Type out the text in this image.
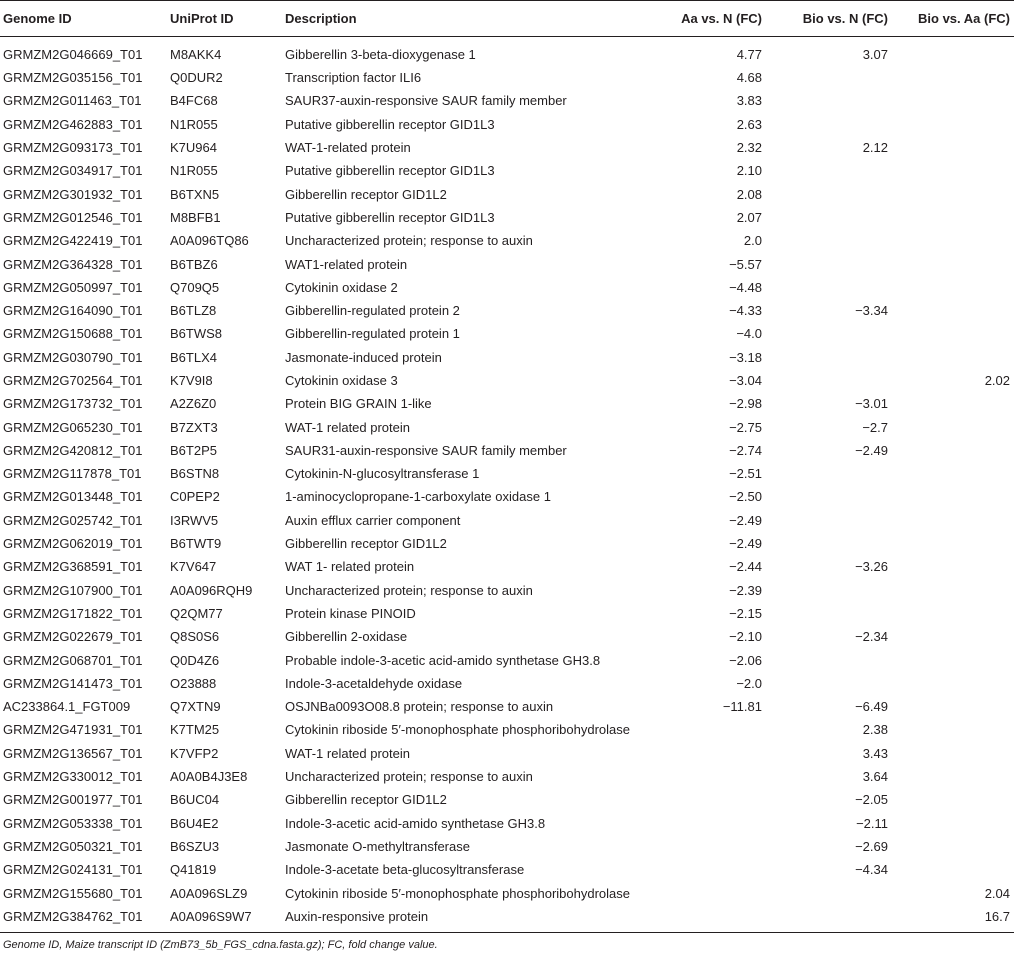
Genome ID	UniProt ID	Description	Aa vs. N (FC)	Bio vs. N (FC)	Bio vs. Aa (FC)
GRMZM2G046669_T01	M8AKK4	Gibberellin 3-beta-dioxygenase 1	4.77	3.07	
GRMZM2G035156_T01	Q0DUR2	Transcription factor ILI6	4.68		
GRMZM2G011463_T01	B4FC68	SAUR37-auxin-responsive SAUR family member	3.83		
GRMZM2G462883_T01	N1R055	Putative gibberellin receptor GID1L3	2.63		
GRMZM2G093173_T01	K7U964	WAT-1-related protein	2.32	2.12	
GRMZM2G034917_T01	N1R055	Putative gibberellin receptor GID1L3	2.10		
GRMZM2G301932_T01	B6TXN5	Gibberellin receptor GID1L2	2.08		
GRMZM2G012546_T01	M8BFB1	Putative gibberellin receptor GID1L3	2.07		
GRMZM2G422419_T01	A0A096TQ86	Uncharacterized protein; response to auxin	2.0		
GRMZM2G364328_T01	B6TBZ6	WAT1-related protein	−5.57		
GRMZM2G050997_T01	Q709Q5	Cytokinin oxidase 2	−4.48		
GRMZM2G164090_T01	B6TLZ8	Gibberellin-regulated protein 2	−4.33	−3.34	
GRMZM2G150688_T01	B6TWS8	Gibberellin-regulated protein 1	−4.0		
GRMZM2G030790_T01	B6TLX4	Jasmonate-induced protein	−3.18		
GRMZM2G702564_T01	K7V9I8	Cytokinin oxidase 3	−3.04		2.02
GRMZM2G173732_T01	A2Z6Z0	Protein BIG GRAIN 1-like	−2.98	−3.01	
GRMZM2G065230_T01	B7ZXT3	WAT-1 related protein	−2.75	−2.7	
GRMZM2G420812_T01	B6T2P5	SAUR31-auxin-responsive SAUR family member	−2.74	−2.49	
GRMZM2G117878_T01	B6STN8	Cytokinin-N-glucosyltransferase 1	−2.51		
GRMZM2G013448_T01	C0PEP2	1-aminocyclopropane-1-carboxylate oxidase 1	−2.50		
GRMZM2G025742_T01	I3RWV5	Auxin efflux carrier component	−2.49		
GRMZM2G062019_T01	B6TWT9	Gibberellin receptor GID1L2	−2.49		
GRMZM2G368591_T01	K7V647	WAT 1- related protein	−2.44	−3.26	
GRMZM2G107900_T01	A0A096RQH9	Uncharacterized protein; response to auxin	−2.39		
GRMZM2G171822_T01	Q2QM77	Protein kinase PINOID	−2.15		
GRMZM2G022679_T01	Q8S0S6	Gibberellin 2-oxidase	−2.10	−2.34	
GRMZM2G068701_T01	Q0D4Z6	Probable indole-3-acetic acid-amido synthetase GH3.8	−2.06		
GRMZM2G141473_T01	O23888	Indole-3-acetaldehyde oxidase	−2.0		
AC233864.1_FGT009	Q7XTN9	OSJNBa0093O08.8 protein; response to auxin	−11.81	−6.49	
GRMZM2G471931_T01	K7TM25	Cytokinin riboside 5′-monophosphate phosphoribohydrolase		2.38	
GRMZM2G136567_T01	K7VFP2	WAT-1 related protein		3.43	
GRMZM2G330012_T01	A0A0B4J3E8	Uncharacterized protein; response to auxin		3.64	
GRMZM2G001977_T01	B6UC04	Gibberellin receptor GID1L2		−2.05	
GRMZM2G053338_T01	B6U4E2	Indole-3-acetic acid-amido synthetase GH3.8		−2.11	
GRMZM2G050321_T01	B6SZU3	Jasmonate O-methyltransferase		−2.69	
GRMZM2G024131_T01	Q41819	Indole-3-acetate beta-glucosyltransferase		−4.34	
GRMZM2G155680_T01	A0A096SLZ9	Cytokinin riboside 5′-monophosphate phosphoribohydrolase			2.04
GRMZM2G384762_T01	A0A096S9W7	Auxin-responsive protein			16.7

Genome ID, Maize transcript ID (ZmB73_5b_FGS_cdna.fasta.gz); FC, fold change value.
